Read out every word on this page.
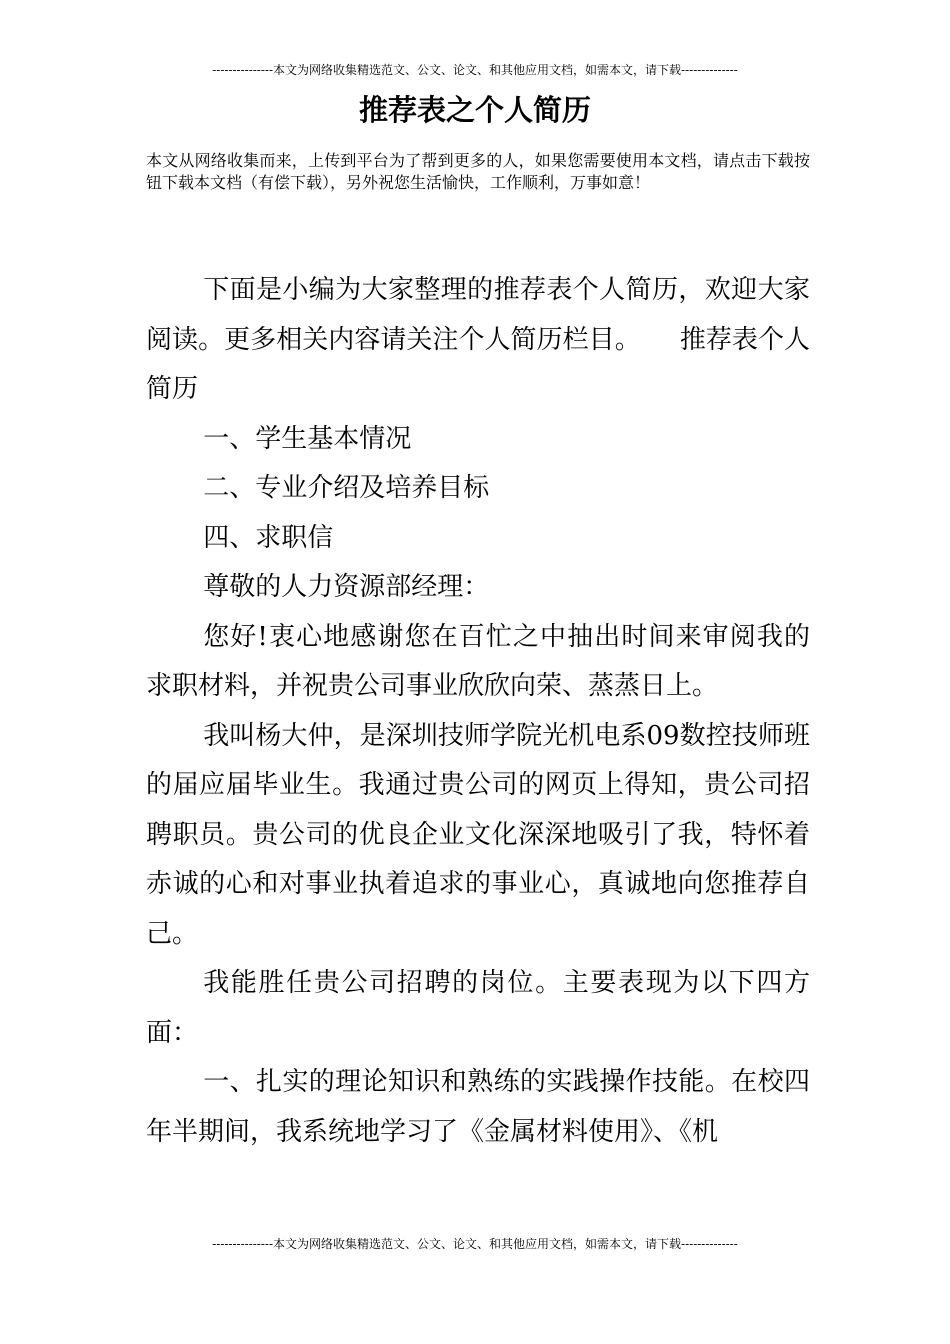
---------------本文为网络收集精选范文、公文、论文、和其他应用文档，如需本文，请下载--------------
推荐表之个人简历

本文从网络收集而来，上传到平台为了帮到更多的人，如果您需要使用本文档，请点击下载按钮下载本文档（有偿下载），另外祝您生活愉快，工作顺利，万事如意！

下面是小编为大家整理的推荐表个人简历，欢迎大家阅读。更多相关内容请关注个人简历栏目。　　推荐表个人简历

一、学生基本情况

二、专业介绍及培养目标

四、求职信

尊敬的人力资源部经理：

您好!衷心地感谢您在百忙之中抽出时间来审阅我的求职材料，并祝贵公司事业欣欣向荣、蒸蒸日上。

我叫杨大仲，是深圳技师学院光机电系09数控技师班的届应届毕业生。我通过贵公司的网页上得知，贵公司招聘职员。贵公司的优良企业文化深深地吸引了我，特怀着赤诚的心和对事业执着追求的事业心，真诚地向您推荐自己。

我能胜任贵公司招聘的岗位。主要表现为以下四方面：

一、扎实的理论知识和熟练的实践操作技能。在校四年半期间，我系统地学习了《金属材料使用》、《机

---------------本文为网络收集精选范文、公文、论文、和其他应用文档，如需本文，请下载--------------
